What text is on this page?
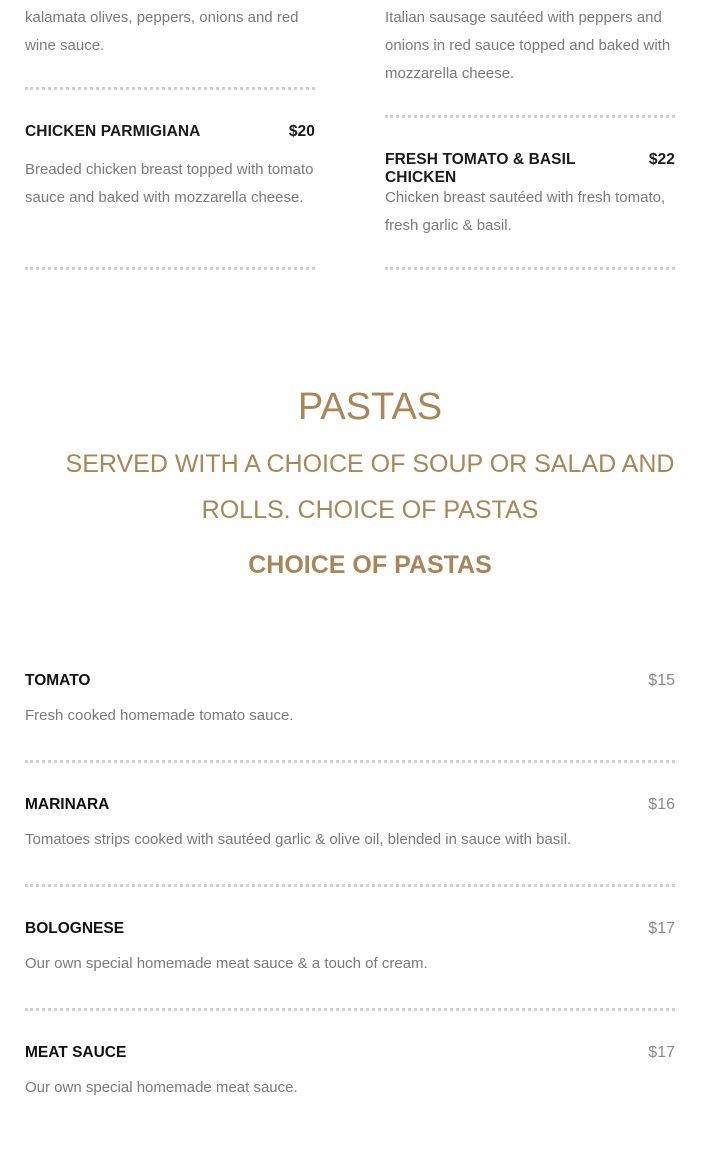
kalamata olives, peppers, onions and red wine sauce.

CHICKEN PARMIGIANA	$20

Breaded chicken breast topped with tomato sauce and baked with mozzarella cheese.

Italian sausage sautéed with peppers and onions in red sauce topped and baked with mozzarella cheese.

FRESH TOMATO & BASIL CHICKEN
$22

Chicken breast sautéed with fresh tomato, fresh garlic & basil.

PASTAS
SERVED WITH A CHOICE OF SOUP OR SALAD AND ROLLS. CHOICE OF PASTAS
CHOICE OF PASTAS
TOMATO	$15

Fresh cooked homemade tomato sauce.

MARINARA	$16

Tomatoes strips cooked with sautéed garlic & olive oil, blended in sauce with basil.

BOLOGNESE	$17

Our own special homemade meat sauce & a touch of cream.

MEAT SAUCE	$17

Our own special homemade meat sauce.
